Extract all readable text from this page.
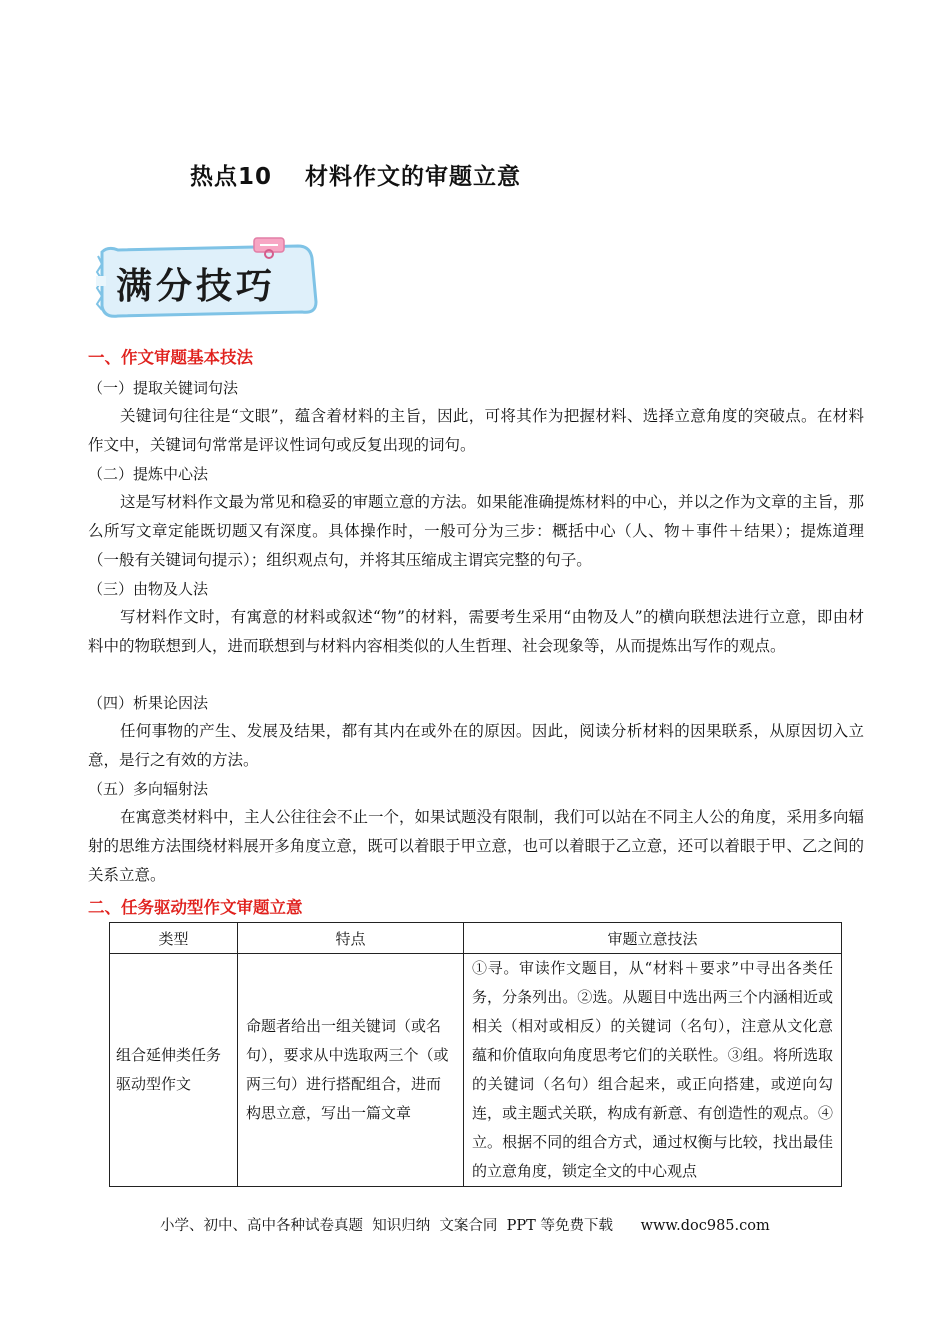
热点10　 材料作文的审题立意
满分技巧
一、作文审题基本技法
（一）提取关键词句法
关键词句往往是“文眼”，蕴含着材料的主旨，因此，可将其作为把握材料、选择立意角度的突破点。在材料作文中，关键词句常常是评议性词句或反复出现的词句。
（二）提炼中心法
这是写材料作文最为常见和稳妥的审题立意的方法。如果能准确提炼材料的中心，并以之作为文章的主旨，那么所写文章定能既切题又有深度。具体操作时，一般可分为三步：概括中心（人、物＋事件＋结果）；提炼道理（一般有关键词句提示）；组织观点句，并将其压缩成主谓宾完整的句子。
（三）由物及人法
写材料作文时，有寓意的材料或叙述“物”的材料，需要考生采用“由物及人”的横向联想法进行立意，即由材料中的物联想到人，进而联想到与材料内容相类似的人生哲理、社会现象等，从而提炼出写作的观点。
（四）析果论因法
任何事物的产生、发展及结果，都有其内在或外在的原因。因此，阅读分析材料的因果联系，从原因切入立意，是行之有效的方法。
（五）多向辐射法
在寓意类材料中，主人公往往会不止一个，如果试题没有限制，我们可以站在不同主人公的角度，采用多向辐射的思维方法围绕材料展开多角度立意，既可以着眼于甲立意，也可以着眼于乙立意，还可以着眼于甲、乙之间的关系立意。
二、任务驱动型作文审题立意
类型	特点	审题立意技法
组合延伸类任务驱动型作文	命题者给出一组关键词（或名句），要求从中选取两三个（或两三句）进行搭配组合，进而构思立意，写出一篇文章	①寻。审读作文题目，从“材料＋要求”中寻出各类任务，分条列出。②选。从题目中选出两三个内涵相近或相关（相对或相反）的关键词（名句），注意从文化意蕴和价值取向角度思考它们的关联性。③组。将所选取的关键词（名句）组合起来，或正向搭建，或逆向勾连，或主题式关联，构成有新意、有创造性的观点。④立。根据不同的组合方式，通过权衡与比较，找出最佳的立意角度，锁定全文的中心观点
小学、初中、高中各种试卷真题  知识归纳  文案合同  PPT 等免费下载      www.doc985.com
